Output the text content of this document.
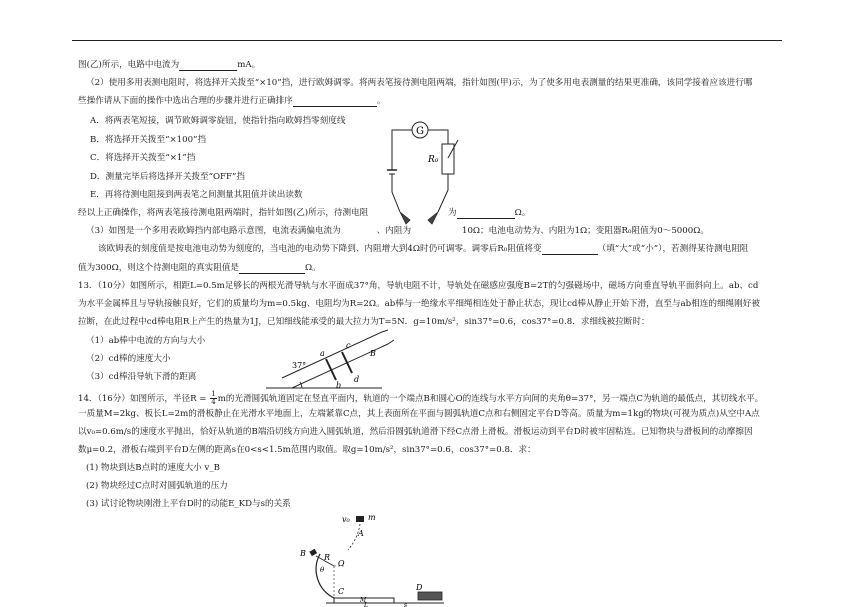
图(乙)所示，电路中电流为	mA。
（2）使用多用表测电阻时，将选择开关拨至“×10”挡，进行欧姆调零。将两表笔接待测电阻两端，指针如图(甲)示，为了使多用电表测量的结果更准确，该同学接着应该进行哪
些操作请从下面的操作中选出合理的步骤并进行正确排序	。
A．将两表笔短接，调节欧姆调零旋钮，使指针指向欧姆挡零刻度线
B．将选择开关拨至“×100”挡
C．将选择开关拨至“×1”挡
D．测量完毕后将选择开关拨至“OFF”挡
E．再将待测电阻接到两表笔之间测量其阻值并读出读数
经以上正确操作，将两表笔接待测电阻两端时，指针如图(乙)所示，待测电阻	为	Ω。
（3）如图是一个多用表欧姆挡内部电路示意图，电流表满偏电流为	、内阻为	10Ω；电池电动势为、内阻为1Ω；变阻器R₀阻值为0～5000Ω。
该欧姆表的刻度值是按电池电动势为刻度的，当电池的电动势下降到、内阻增大到4Ω时仍可调零。调零后R₀阻值将变	（填“大”或“小”），若测得某待测电阻阻
值为300Ω，则这个待测电阻的真实阻值是	Ω。
13．（10分）如图所示，相距L=0.5m足够长的两根光滑导轨与水平面成37°角，导轨电阻不计，导轨处在磁感应强度B=2T的匀强磁场中，磁场方向垂直导轨平面斜向上。ab、cd
为水平金属棒且与导轨接触良好，它们的质量均为m=0.5kg、电阻均为R=2Ω。ab棒与一绝缘水平细绳相连处于静止状态，现让cd棒从静止开始下滑，直至与ab相连的细绳刚好被
拉断，在此过程中cd棒电阻R上产生的热量为1J，已知细线能承受的最大拉力为T=5N．g=10m/s²，sin37°=0.6，cos37°=0.8．求细线被拉断时：
（1）ab棒中电流的方向与大小
（2）cd棒的速度大小
（3）cd棒沿导轨下滑的距离
14．（16分）如图所示，半径$R = \frac{1}{4}$ m的光滑圆弧轨道固定在竖直平面内，轨道的一个端点B和圆心O的连线与水平方向间的夹角θ=37°，另一端点C为轨道的最低点，其切线水平。
一质量M=2kg、板长L=2m的滑板静止在光滑水平地面上，左端紧靠C点，其上表面所在平面与圆弧轨道C点和右侧固定平台D等高。质量为m=1kg的物块(可视为质点)从空中A点
以v₀=0.6m/s的速度水平抛出，恰好从轨道的B端沿切线方向进入圆弧轨道，然后沿圆弧轨道滑下经C点滑上滑板。滑板运动到平台D时被牢固粘连。已知物块与滑板间的动摩擦因
数μ=0.2，滑板右端到平台D左侧的距离s在0<s<1.5m范围内取值。取g=10m/s²，sin37°=0.6，cos37°=0.8．求：
(1) 物块到达B点时的速度大小 v_B
(2) 物块经过C点时对圆弧轨道的压力
(3) 试讨论物块刚滑上平台D时的动能E_KD与s的关系
G
R₀
37°
a
b
c
d
B
v₀ m
A
B R
O
θ
C
M
D
L	s
